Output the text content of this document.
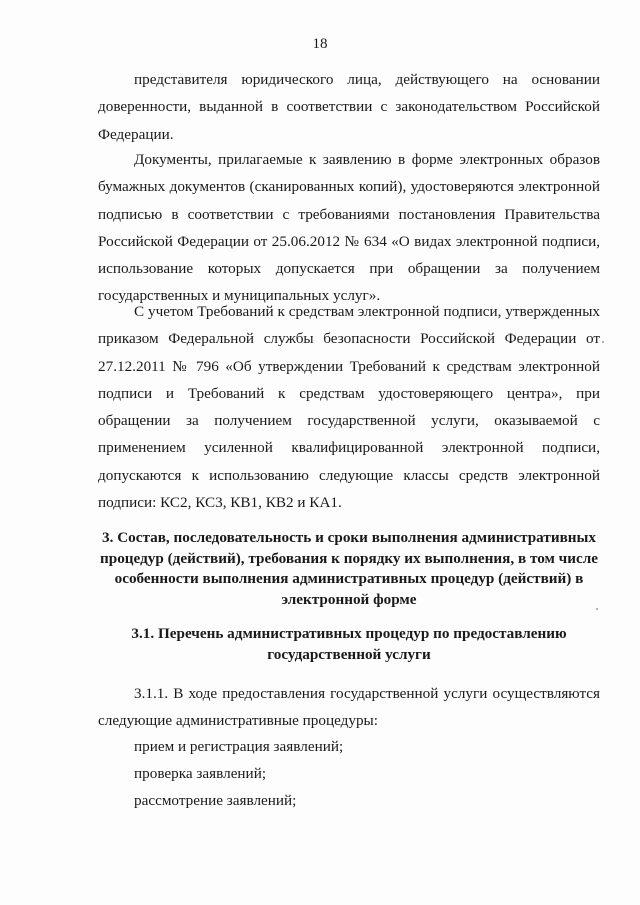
18

представителя юридического лица, действующего на основании доверенности, выданной в соответствии с законодательством Российской Федерации.

Документы, прилагаемые к заявлению в форме электронных образов бумажных документов (сканированных копий), удостоверяются электронной подписью в соответствии с требованиями постановления Правительства Российской Федерации от 25.06.2012 № 634 «О видах электронной подписи, использование которых допускается при обращении за получением государственных и муниципальных услуг».

С учетом Требований к средствам электронной подписи, утвержденных приказом Федеральной службы безопасности Российской Федерации от 27.12.2011 № 796 «Об утверждении Требований к средствам электронной подписи и Требований к средствам удостоверяющего центра», при обращении за получением государственной услуги, оказываемой с применением усиленной квалифицированной электронной подписи, допускаются к использованию следующие классы средств электронной подписи: КС2, КС3, КВ1, КВ2 и КА1.

3. Состав, последовательность и сроки выполнения административных процедур (действий), требования к порядку их выполнения, в том числе особенности выполнения административных процедур (действий) в электронной форме

3.1. Перечень административных процедур по предоставлению государственной услуги

3.1.1. В ходе предоставления государственной услуги осуществляются следующие административные процедуры:

прием и регистрация заявлений;

проверка заявлений;

рассмотрение заявлений;
